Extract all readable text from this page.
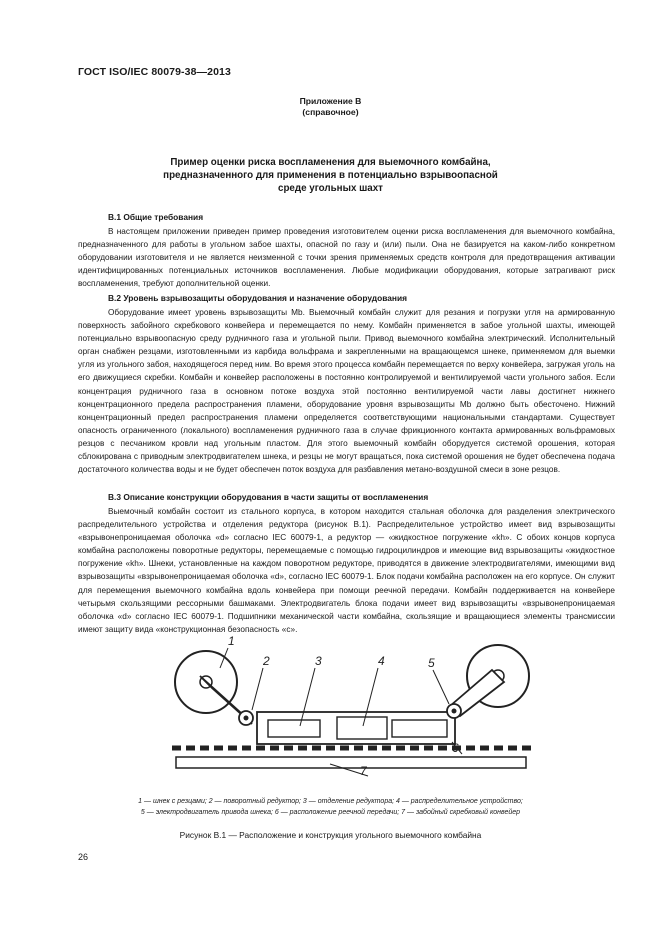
ГОСТ ISO/IEC 80079-38—2013
Приложение В
(справочное)
Пример оценки риска воспламенения для выемочного комбайна,
предназначенного для применения в потенциально взрывоопасной
среде угольных шахт
В.1 Общие требования

В настоящем приложении приведен пример проведения изготовителем оценки риска воспламенения для выемочного комбайна, предназначенного для работы в угольном забое шахты, опасной по газу и (или) пыли. Она не базируется на каком-либо конкретном оборудовании изготовителя и не является неизменной с точки зрения применяемых средств контроля для предотвращения активации идентифицированных потенциальных источников воспламенения. Любые модификации оборудования, которые затрагивают риск воспламенения, требуют дополнительной оценки.

В.2 Уровень взрывозащиты оборудования и назначение оборудования

Оборудование имеет уровень взрывозащиты Mb. Выемочный комбайн служит для резания и погрузки угля на армированную поверхность забойного скребкового конвейера и перемещается по нему. Комбайн применяется в забое угольной шахты, имеющей потенциально взрывоопасную среду рудничного газа и угольной пыли. Привод выемочного комбайна электрический. Исполнительный орган снабжен резцами, изготовленными из карбида вольфрама и закрепленными на вращающемся шнеке, применяемом для выемки угля из угольного забоя, находящегося перед ним. Во время этого процесса комбайн перемещается по верху конвейера, загружая уголь на его движущиеся скребки. Комбайн и конвейер расположены в постоянно контролируемой и вентилируемой части угольного забоя. Если концентрация рудничного газа в основном потоке воздуха этой постоянно вентилируемой части лавы достигнет нижнего концентрационного предела распространения пламени, оборудование уровня взрывозащиты Mb должно быть обесточено. Нижний концентрационный предел распространения пламени определяется соответствующими национальными стандартами. Существует опасность ограниченного (локального) воспламенения рудничного газа в случае фрикционного контакта армированных вольфрамовых резцов с песчаником кровли над угольным пластом. Для этого выемочный комбайн оборудуется системой орошения, которая сблокирована с приводным электродвигателем шнека, и резцы не могут вращаться, пока системой орошения не будет обеспечена подача достаточного количества воды и не будет обеспечен поток воздуха для разбавления метано-воздушной смеси в зоне резцов.

В.3 Описание конструкции оборудования в части защиты от воспламенения

Выемочный комбайн состоит из стального корпуса, в котором находится стальная оболочка для разделения электрического распределительного устройства и отделения редуктора (рисунок В.1). Распределительное устройство имеет вид взрывозащиты «взрывонепроницаемая оболочка «d» согласно IEC 60079-1, а редуктор — «жидкостное погружение «kh». С обоих концов корпуса комбайна расположены поворотные редукторы, перемещаемые с помощью гидроцилиндров и имеющие вид взрывозащиты «жидкостное погружение «kh». Шнеки, установленные на каждом поворотном редукторе, приводятся в движение электродвигателями, имеющими вид взрывозащиты «взрывонепроницаемая оболочка «d», согласно IEC 60079-1. Блок подачи комбайна расположен на его корпусе. Он служит для перемещения выемочного комбайна вдоль конвейера при помощи реечной передачи. Комбайн поддерживается на конвейере четырьмя скользящими рессорными башмаками. Электродвигатель блока подачи имеет вид взрывозащиты «взрывонепроницаемая оболочка «d» согласно IEC 60079-1. Подшипники механической части комбайна, скользящие и вращающиеся элементы трансмиссии имеют защиту вида «конструкционная безопасность «c».

1
2	3	4	5
6
7
1 — шнек с резцами; 2 — поворотный редуктор; 3 — отделение редуктора; 4 — распределительное устройство;
5 — электродвигатель привода шнека; 6 — расположение реечной передачи; 7 — забойный скребковый конвейер
Рисунок В.1 — Расположение и конструкция угольного выемочного комбайна
26
